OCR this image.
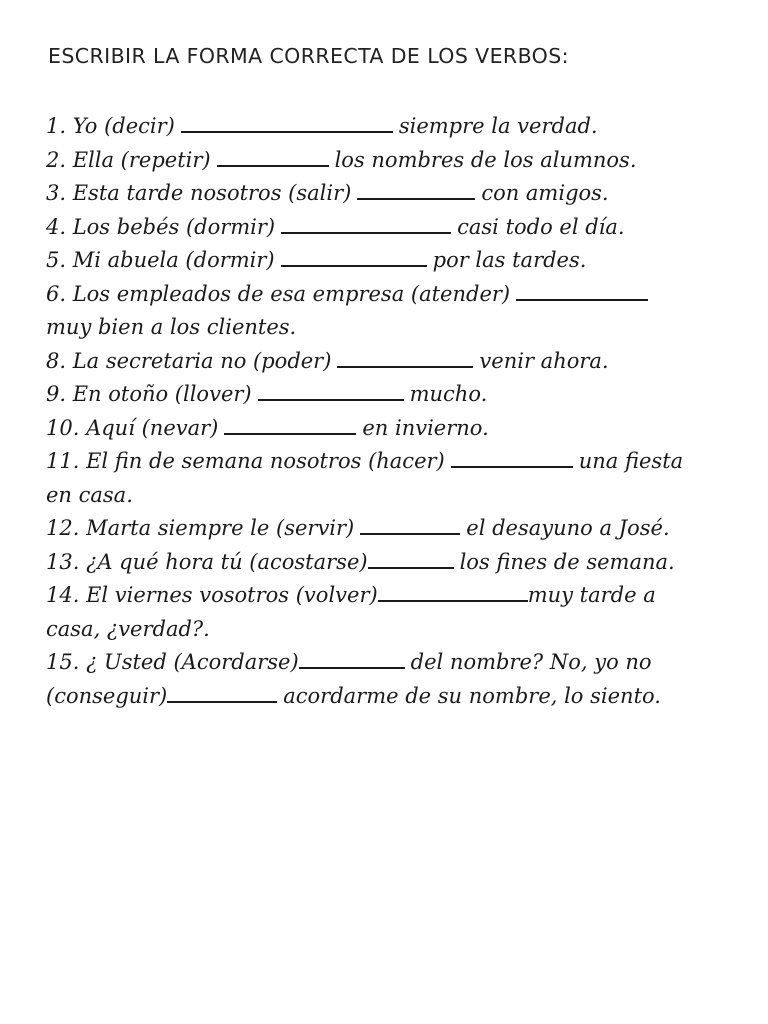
ESCRIBIR LA FORMA CORRECTA DE LOS VERBOS:
1. Yo (decir)	siempre la verdad.
2. Ella (repetir)	los nombres de los alumnos.
3. Esta tarde nosotros (salir)	con amigos.
4. Los bebés (dormir)	casi todo el día.
5. Mi abuela (dormir)	por las tardes.
6. Los empleados de esa empresa (atender)
muy bien a los clientes.
8. La secretaria no (poder)	venir ahora.
9. En otoño (llover)	mucho.
10. Aquí (nevar)	en invierno.
11. El fin de semana nosotros (hacer)	una fiesta
en casa.
12. Marta siempre le (servir)	el desayuno a José.
13. ¿A qué hora tú (acostarse)	los fines de semana.
14. El viernes vosotros (volver)	muy tarde a
casa, ¿verdad?.
15. ¿ Usted (Acordarse)	del nombre? No, yo no
(conseguir)	acordarme de su nombre, lo siento.
